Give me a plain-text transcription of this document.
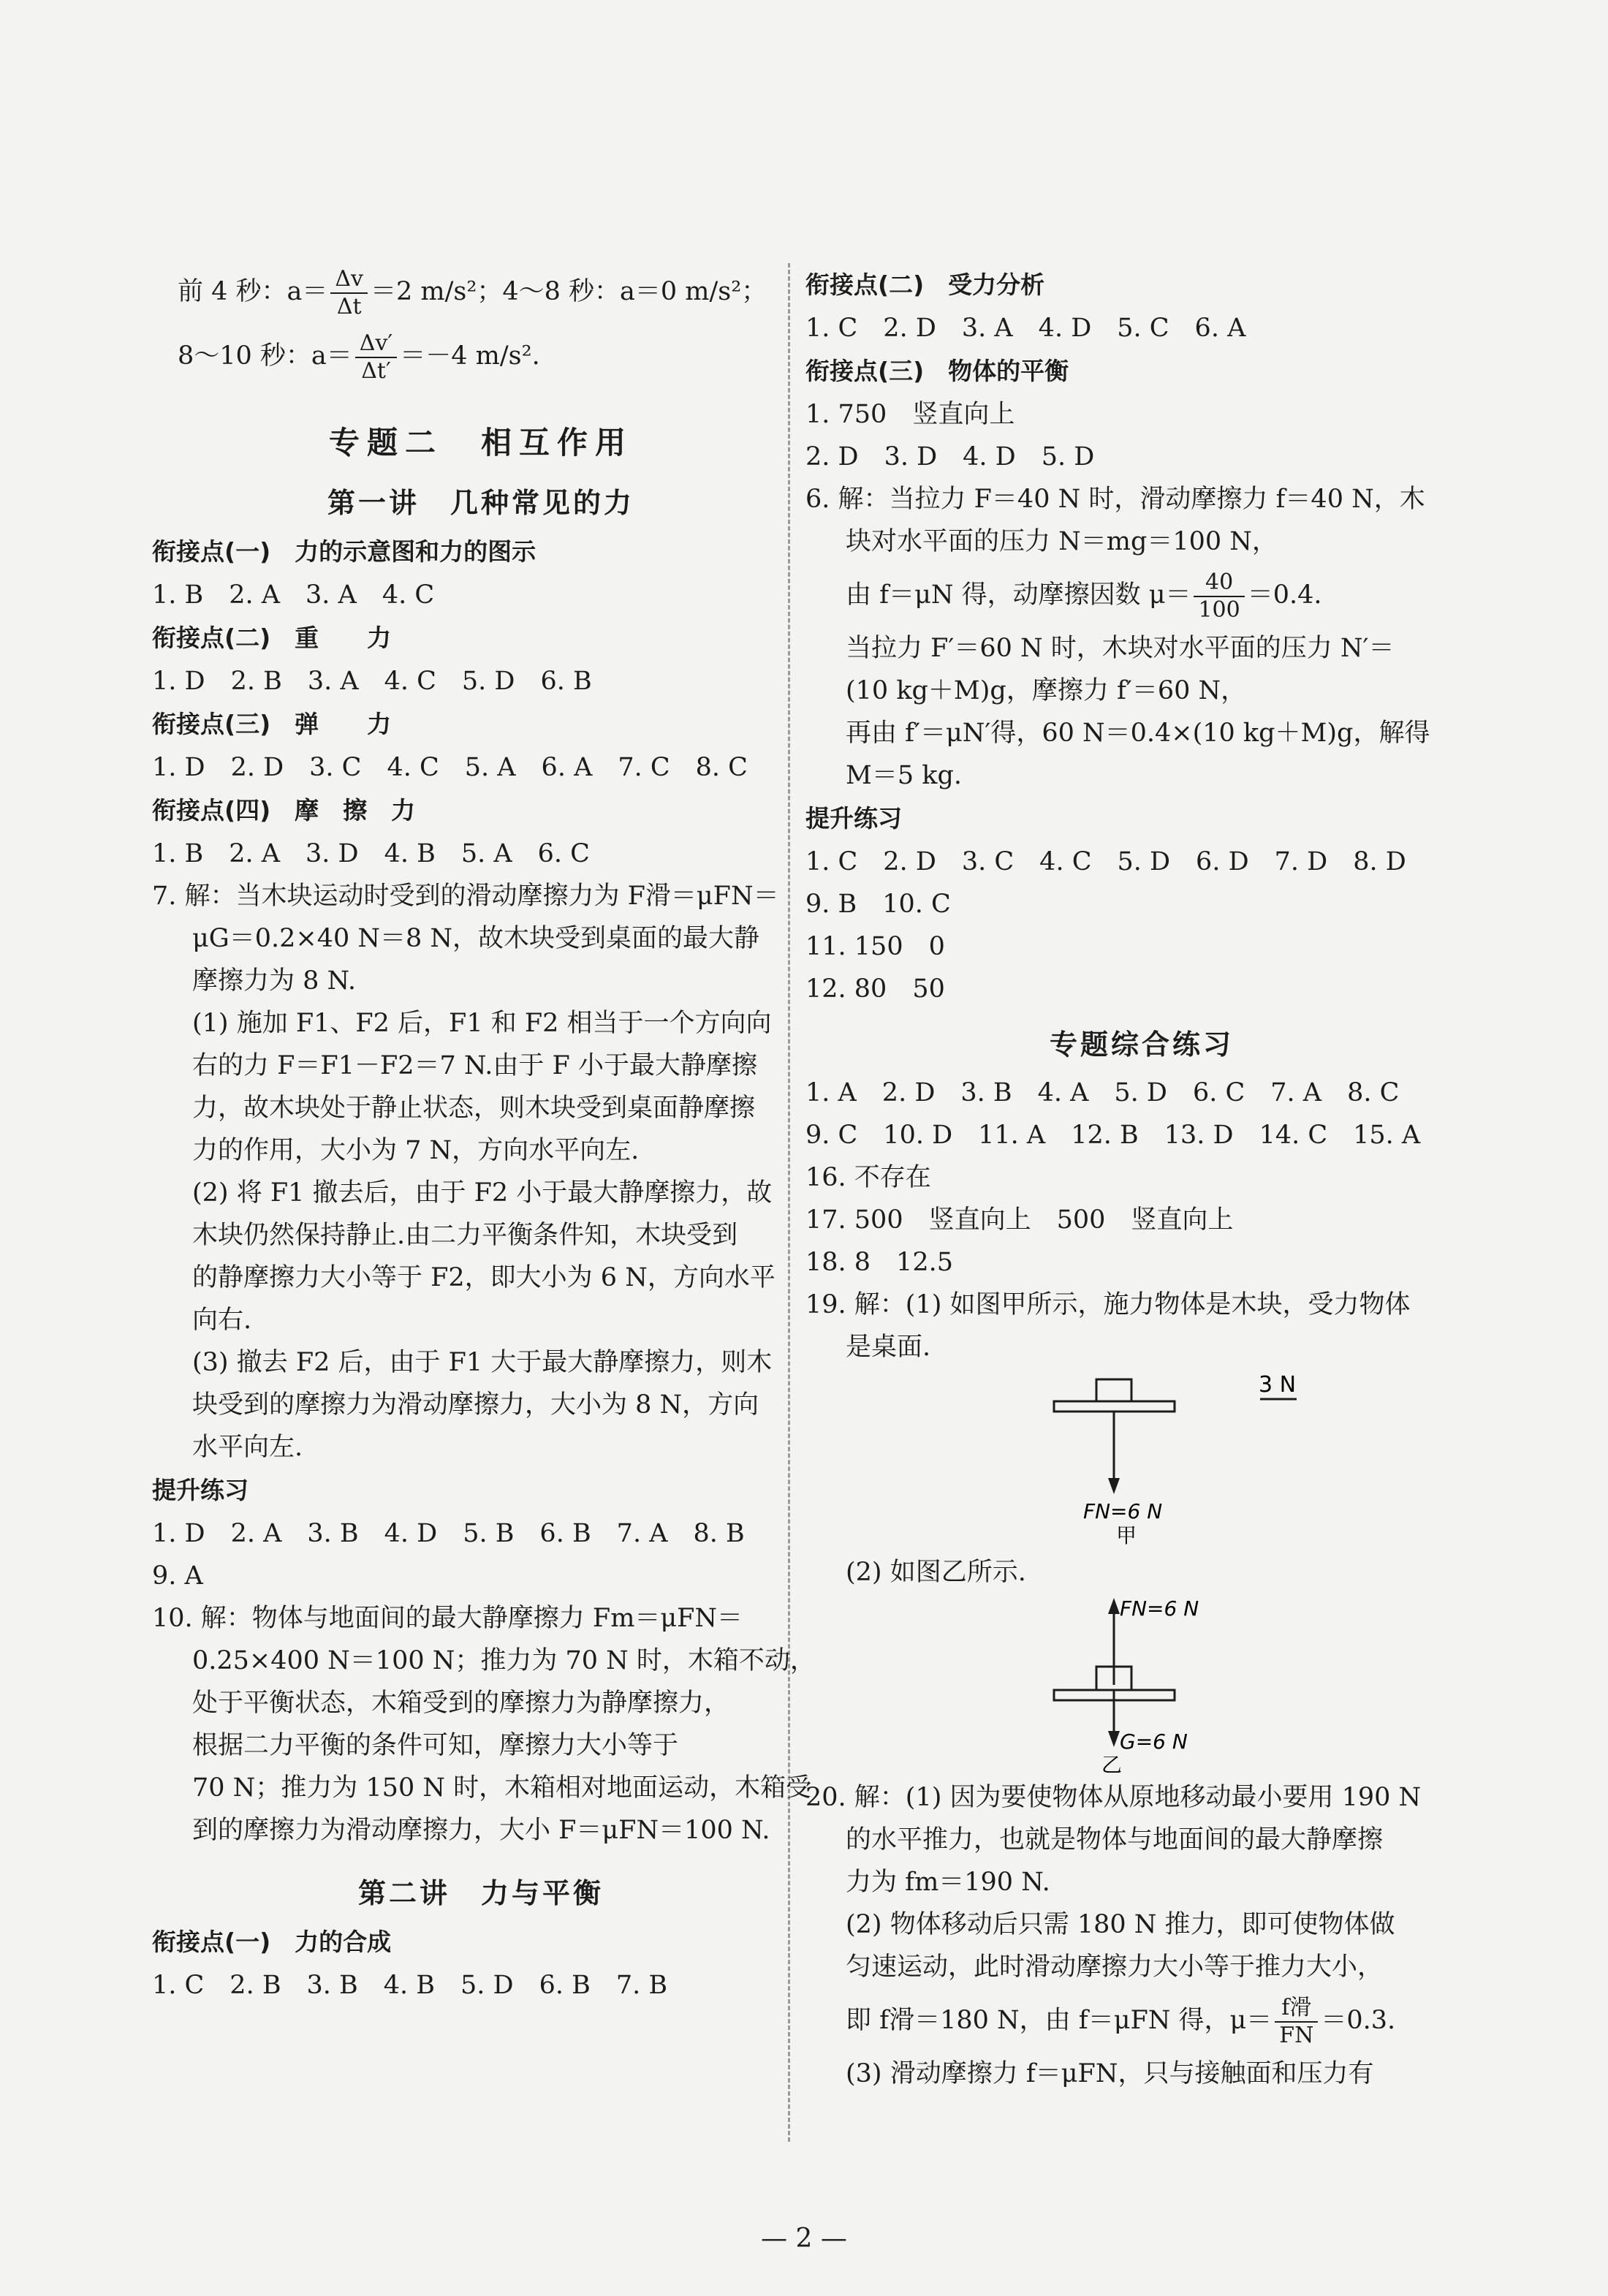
前 4 秒：$a= \frac{\Delta v}{\Delta t} =2$ m/s²；4～8 秒：a＝0 m/s²；
8～10 秒：$a= \frac{\Delta v'}{\Delta t'} =-4$ m/s².
专题二　相互作用
第一讲　几种常见的力
衔接点(一)　力的示意图和力的图示
1. B　2. A　3. A　4. C
衔接点(二)　重　　力
1. D　2. B　3. A　4. C　5. D　6. B
衔接点(三)　弹　　力
1. D　2. D　3. C　4. C　5. A　6. A　7. C　8. C
衔接点(四)　摩　擦　力
1. B　2. A　3. D　4. B　5. A　6. C
7. 解：当木块运动时受到的滑动摩擦力为 F滑＝μFN＝
μG＝0.2×40 N＝8 N，故木块受到桌面的最大静
摩擦力为 8 N.
(1) 施加 F1、F2 后，F1 和 F2 相当于一个方向向
右的力 F＝F1－F2＝7 N.由于 F 小于最大静摩擦
力，故木块处于静止状态，则木块受到桌面静摩擦
力的作用，大小为 7 N，方向水平向左.
(2) 将 F1 撤去后，由于 F2 小于最大静摩擦力，故
木块仍然保持静止.由二力平衡条件知，木块受到
的静摩擦力大小等于 F2，即大小为 6 N，方向水平
向右.
(3) 撤去 F2 后，由于 F1 大于最大静摩擦力，则木
块受到的摩擦力为滑动摩擦力，大小为 8 N，方向
水平向左.
提升练习
1. D　2. A　3. B　4. D　5. B　6. B　7. A　8. B
9. A
10. 解：物体与地面间的最大静摩擦力 Fm＝μFN＝
0.25×400 N＝100 N；推力为 70 N 时，木箱不动，
处于平衡状态，木箱受到的摩擦力为静摩擦力，
根据二力平衡的条件可知，摩擦力大小等于
70 N；推力为 150 N 时，木箱相对地面运动，木箱受
到的摩擦力为滑动摩擦力，大小 F＝μFN＝100 N.
第二讲　力与平衡
衔接点(一)　力的合成
1. C　2. B　3. B　4. B　5. D　6. B　7. B
衔接点(二)　受力分析
1. C　2. D　3. A　4. D　5. C　6. A
衔接点(三)　物体的平衡
1. 750　竖直向上
2. D　3. D　4. D　5. D
6. 解：当拉力 F＝40 N 时，滑动摩擦力 f＝40 N，木
块对水平面的压力 N＝mg＝100 N，
由 f＝μN 得，动摩擦因数 $\mu= \frac{40}{100} =0.4$.
当拉力 F′＝60 N 时，木块对水平面的压力 N′＝
(10 kg＋M)g，摩擦力 f′＝60 N，
再由 f′＝μN′得，60 N＝0.4×(10 kg＋M)g，解得
M＝5 kg.
提升练习
1. C　2. D　3. C　4. C　5. D　6. D　7. D　8. D
9. B　10. C
11. 150　0
12. 80　50
专题综合练习
1. A　2. D　3. B　4. A　5. D　6. C　7. A　8. C
9. C　10. D　11. A　12. B　13. D　14. C　15. A
16. 不存在
17. 500　竖直向上　500　竖直向上
18. 8　12.5
19. 解：(1) 如图甲所示，施力物体是木块，受力物体
是桌面.
3 N
FN=6 N
甲
(2) 如图乙所示.
FN=6 N
G=6 N
乙
20. 解：(1) 因为要使物体从原地移动最小要用 190 N
的水平推力，也就是物体与地面间的最大静摩擦
力为 fm＝190 N.
(2) 物体移动后只需 180 N 推力，即可使物体做
匀速运动，此时滑动摩擦力大小等于推力大小，
即 f滑＝180 N，由 f＝μFN 得，$\mu= \frac{\text{f滑}}{FN} =0.3$.
(3) 滑动摩擦力 f＝μFN，只与接触面和压力有
— 2 —
